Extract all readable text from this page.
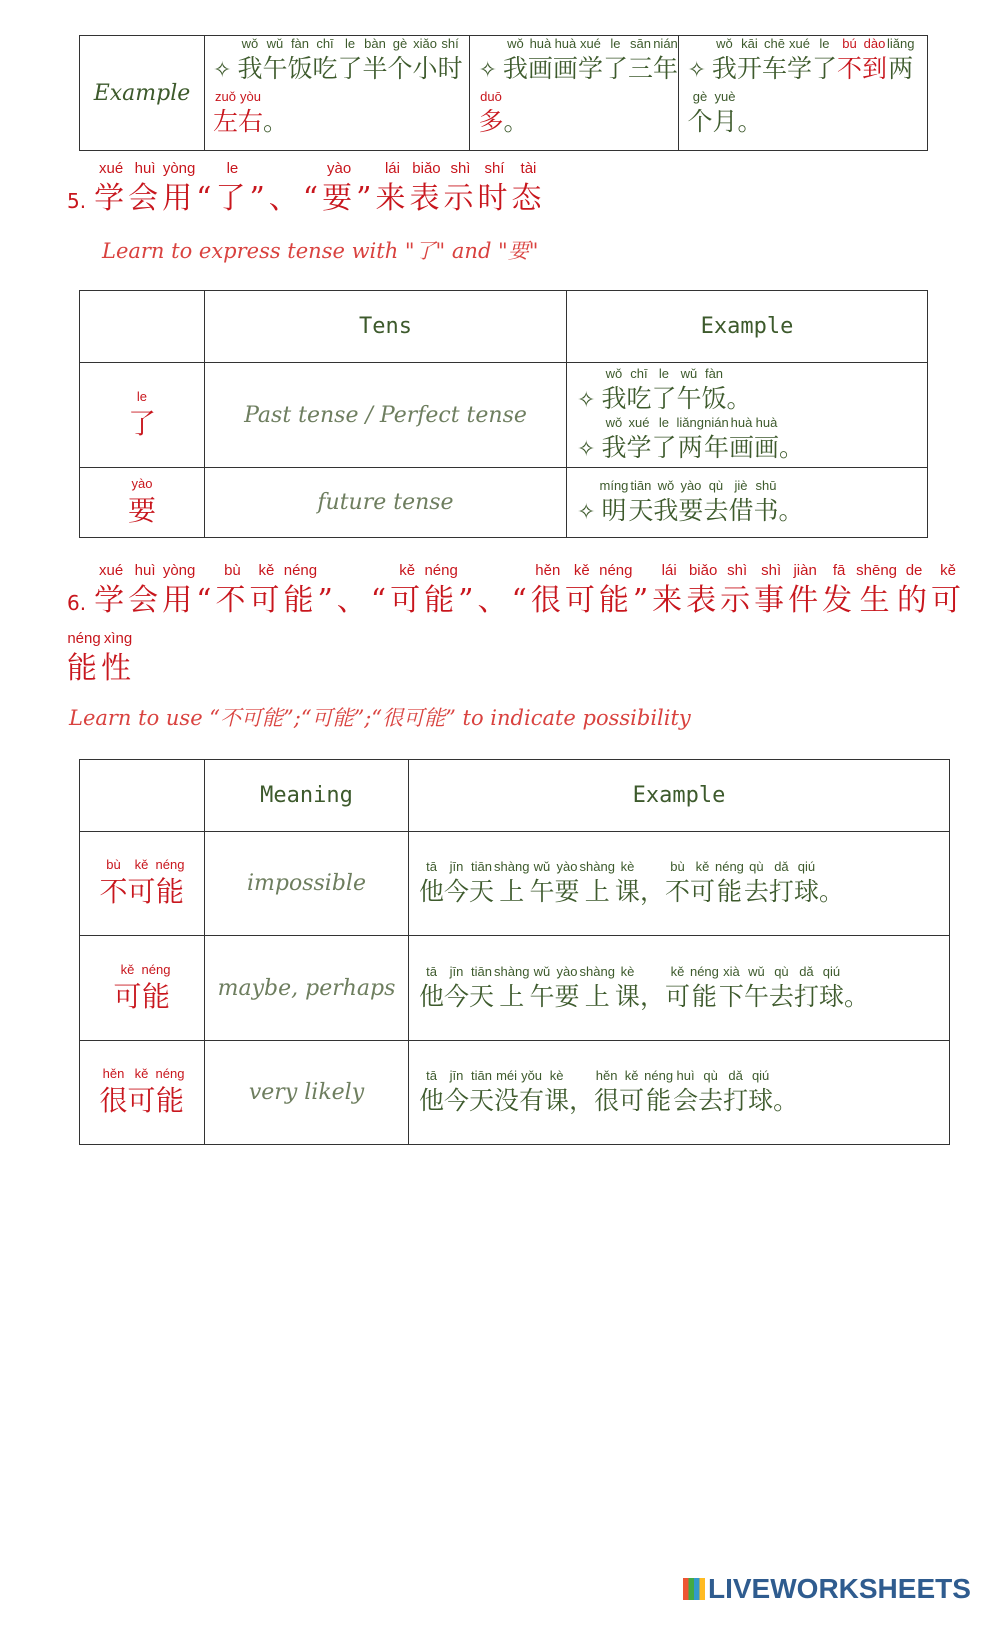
Example	✧ 我wǒ午wǔ饭fàn吃chī了le半bàn个gè小xiǎo时shí左zuǒ右yòu。	✧ 我wǒ画huà画huà学xué了le三sān年nián多duō。	✧ 我wǒ开kāi车chē学xué了le不bú到dào两liǎng个gè月yuè。
5. 学xué会huì用yòng“了le”、“要yào”来lái表biǎo示shì时shí态tài
Learn to express tense with "了" and "要"
	Tens	Example
了le	Past tense / Perfect tense	✧ 我wǒ吃chī了le午wǔ饭fàn。
✧ 我wǒ学xué了le两liǎng年nián画huà画huà。

要yào	future tense	✧ 明míng天tiān我wǒ要yào去qù借jiè书shū。
6. 学xué会huì用yòng“不bù可kě能néng”、“可kě能néng”、“很hěn可kě能néng”来lái表biǎo示shì事shì件jiàn发fā生shēng的de可kě能néng性xìng
Learn to use “不可能”;“可能”;“很可能” to indicate possibility
	Meaning	Example
不bù可kě能néng	impossible	他tā今jīn天tiān上shàng午wǔ要yào上shàng课kè，不bù可kě能néng去qù打dǎ球qiú。
可kě能néng	maybe, perhaps	他tā今jīn天tiān上shàng午wǔ要yào上shàng课kè，可kě能néng下xià午wǔ去qù打dǎ球qiú。
很hěn可kě能néng	very likely	他tā今jīn天tiān没méi有yǒu课kè，很hěn可kě能néng会huì去qù打dǎ球qiú。
LIVEWORKSHEETS
